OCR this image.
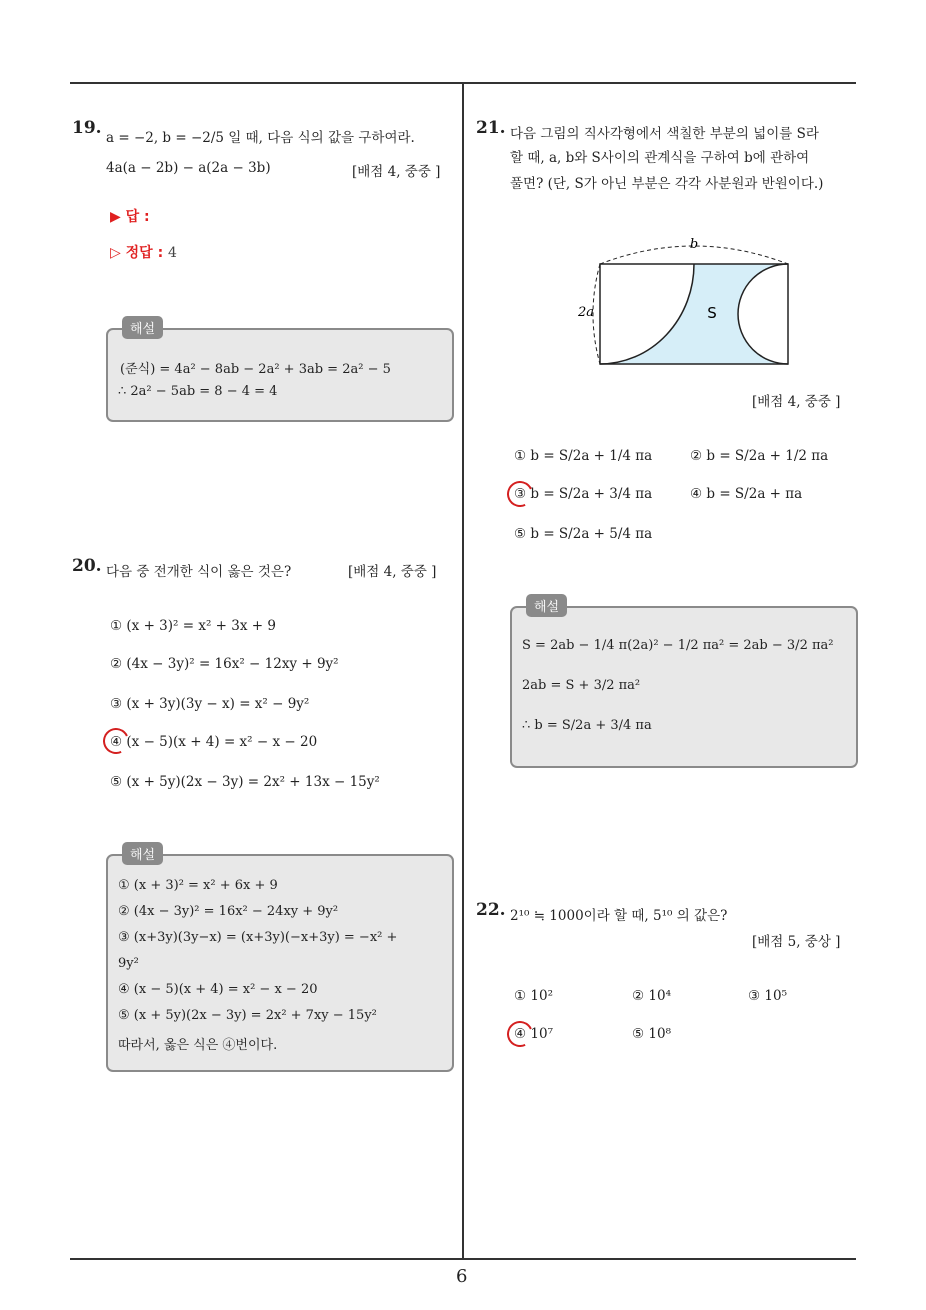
6
19. a = −2, b = −2/5 일 때, 다음 식의 값을 구하여라.
4a(a − 2b) − a(2a − 3b)	[배점 4, 중중 ]
▶ 답 :
▷ 정답 : 4
해설
(준식) = 4a² − 8ab − 2a² + 3ab = 2a² − 5
∴ 2a² − 5ab = 8 − 4 = 4
20. 다음 중 전개한 식이 옳은 것은?	[배점 4, 중중 ]
① (x + 3)² = x² + 3x + 9
② (4x − 3y)² = 16x² − 12xy + 9y²
③ (x + 3y)(3y − x) = x² − 9y²
④ (x − 5)(x + 4) = x² − x − 20
⑤ (x + 5y)(2x − 3y) = 2x² + 13x − 15y²
해설
① (x + 3)² = x² + 6x + 9
② (4x − 3y)² = 16x² − 24xy + 9y²
③ (x+3y)(3y−x) = (x+3y)(−x+3y) = −x² +
9y²
④ (x − 5)(x + 4) = x² − x − 20
⑤ (x + 5y)(2x − 3y) = 2x² + 7xy − 15y²
따라서, 옳은 식은 ④번이다.
21. 다음 그림의 직사각형에서 색칠한 부분의 넓이를 S라
할 때, a, b와 S사이의 관계식을 구하여 b에 관하여
풀면? (단, S가 아닌 부분은 각각 사분원과 반원이다.)
b
2a	S
[배점 4, 중중 ]
① b = S/2a + 1/4 πa	② b = S/2a + 1/2 πa
③ b = S/2a + 3/4 πa	④ b = S/2a + πa
⑤ b = S/2a + 5/4 πa
해설
S = 2ab − 1/4 π(2a)² − 1/2 πa² = 2ab − 3/2 πa²
2ab = S + 3/2 πa²
∴ b = S/2a + 3/4 πa
22. 2¹⁰ ≒ 1000이라 할 때, 5¹⁰ 의 값은?
[배점 5, 중상 ]
① 10²	② 10⁴	③ 10⁵
④ 10⁷	⑤ 10⁸
